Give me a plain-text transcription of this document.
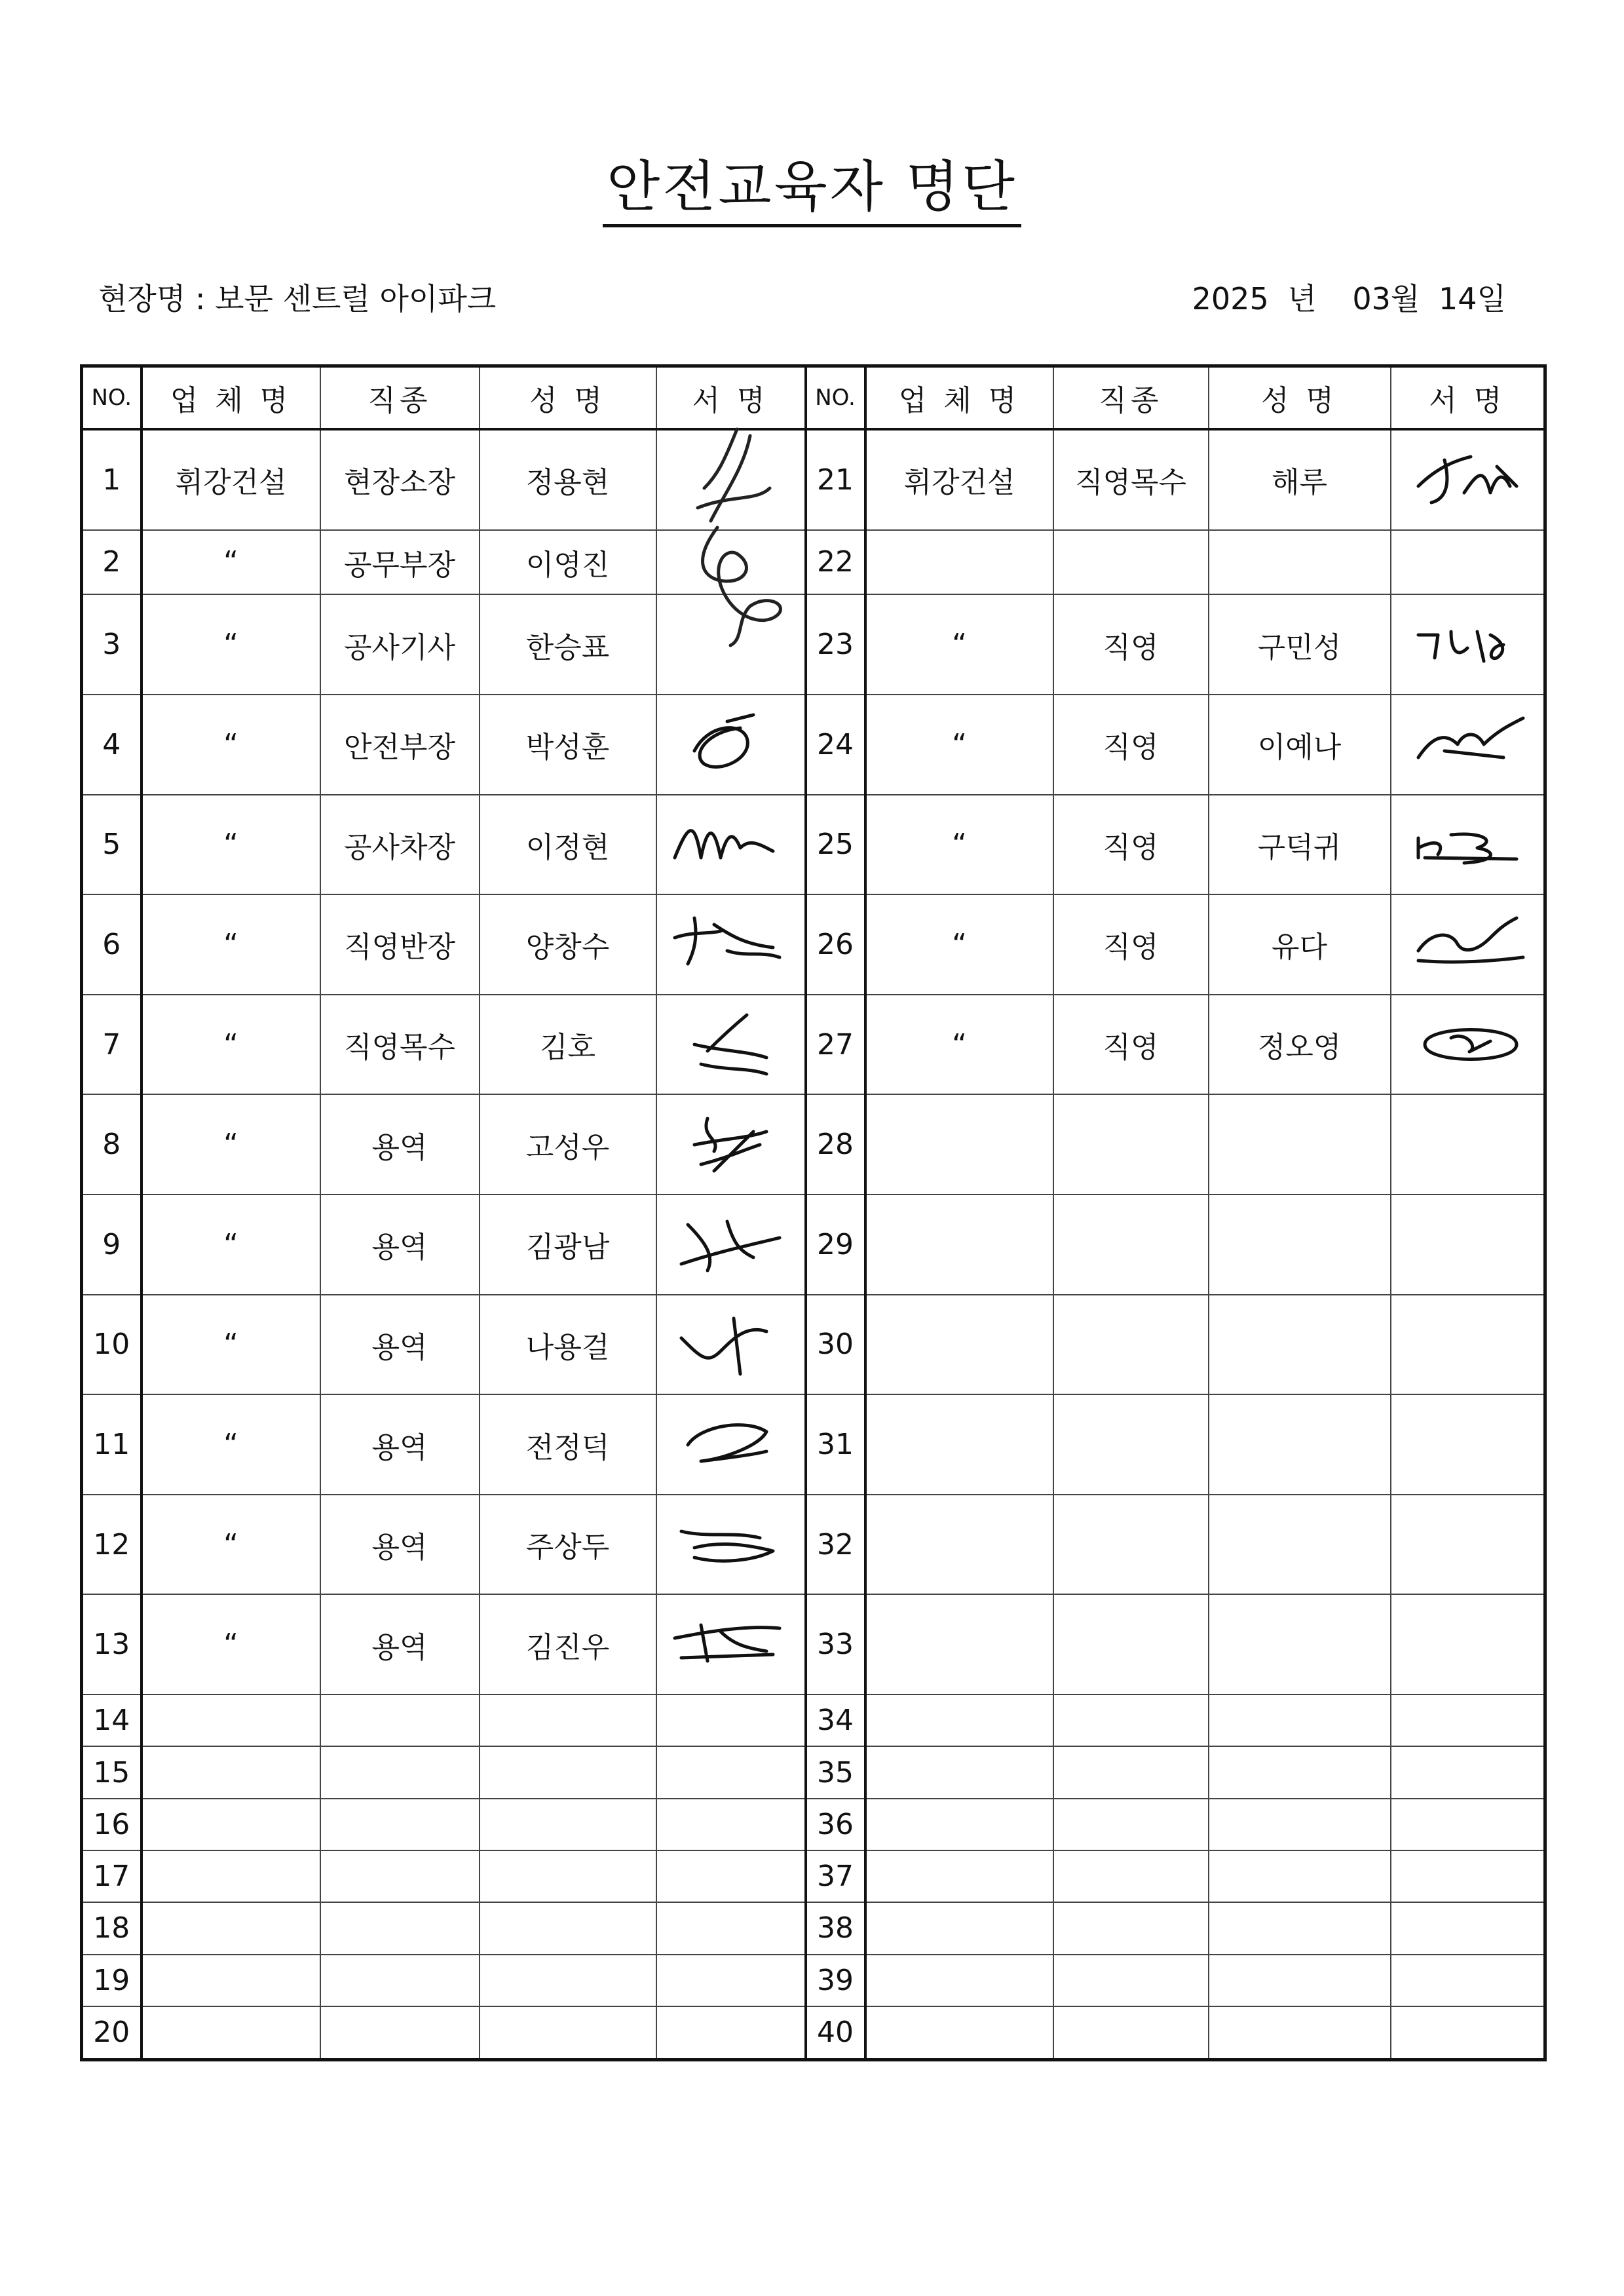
안전교육자 명단
현장명 : 보문 센트럴 아이파크	2025 년 03월 14일
NO.	업 체 명	직종	성 명	서 명	NO.	업 체 명	직종	성 명	서 명
1	휘강건설	현장소장	정용현		21	휘강건설	직영목수	해루	

2	“	공무부장	이영진		22				
3	“	공사기사	한승표		23	“	직영	구민성	

4	“	안전부장	박성훈		24	“	직영	이예나	

5	“	공사차장	이정현		25	“	직영	구덕귀	

6	“	직영반장	양창수		26	“	직영	유다	

7	“	직영목수	김호		27	“	직영	정오영	

8	“	용역	고성우		28				
9	“	용역	김광남		29				
10	“	용역	나용걸		30				
11	“	용역	전정덕		31				
12	“	용역	주상두		32				
13	“	용역	김진우		33				
14					34				
15					35				
16					36				
17					37				
18					38				
19					39				
20					40				
